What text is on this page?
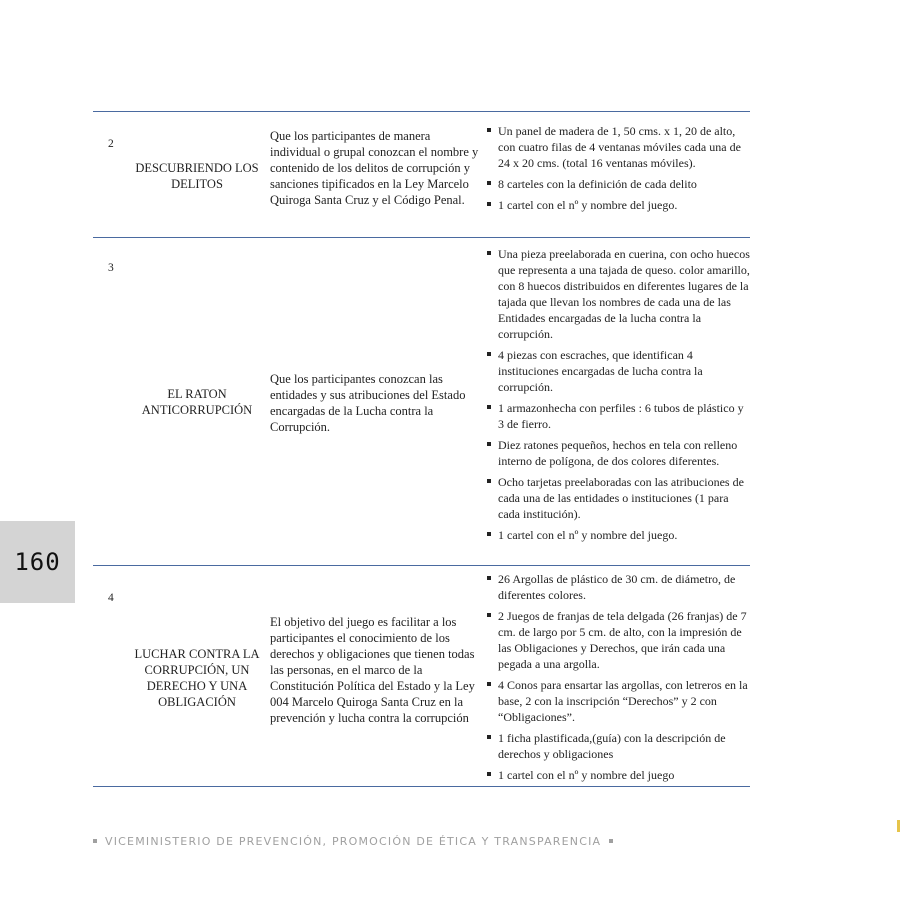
2
DESCUBRIENDO LOS DELITOS
Que los participantes de manera individual o grupal conozcan el nombre y contenido de los delitos de corrupción y sanciones tipificados en la Ley Marcelo Quiroga Santa Cruz y el Código Penal.
Un panel de madera de 1, 50 cms. x 1, 20 de alto, con cuatro filas de 4 ventanas móviles cada una de 24 x 20 cms. (total 16 ventanas móviles).
8 carteles con la definición de cada delito
1 cartel con el nº y nombre del juego.
3
EL RATON ANTICORRUPCIÓN
Que los participantes conozcan las entidades y sus atribuciones del Estado encargadas de la Lucha contra la Corrupción.
Una pieza preelaborada en cuerina, con ocho huecos que representa a una tajada de queso. color amarillo, con 8 huecos distribuidos en diferentes lugares de la tajada que llevan los nombres de cada una de las Entidades encargadas de la lucha contra la corrupción.
4 piezas con escraches, que identifican 4 instituciones encargadas de lucha contra la corrupción.
1 armazonhecha con perfiles : 6 tubos de plástico y 3 de fierro.
Diez ratones pequeños, hechos en tela con relleno interno de polígona, de dos colores diferentes.
Ocho tarjetas preelaboradas con las atribuciones de cada una de las entidades o instituciones (1 para cada institución).
1 cartel con el nº y nombre del juego.
4
LUCHAR CONTRA LA CORRUPCIÓN, UN DERECHO Y UNA OBLIGACIÓN
El objetivo del juego es facilitar a los participantes el conocimiento de los derechos y obligaciones que tienen todas las personas, en el marco de la Constitución Política del Estado y la Ley 004 Marcelo Quiroga Santa Cruz en la prevención y lucha contra la corrupción
26 Argollas de plástico de 30 cm. de diámetro, de diferentes colores.
2 Juegos de franjas de tela delgada (26 franjas) de 7 cm. de largo por 5 cm. de alto, con la impresión de las Obligaciones y Derechos, que irán cada una pegada a una argolla.
4 Conos para ensartar las argollas, con letreros en la base, 2 con la inscripción “Derechos” y 2 con “Obligaciones”.
1 ficha plastificada,(guía) con la descripción de derechos y obligaciones
1 cartel con el nº y nombre del juego
160
VICEMINISTERIO DE PREVENCIÓN, PROMOCIÓN DE ÉTICA Y TRANSPARENCIA
